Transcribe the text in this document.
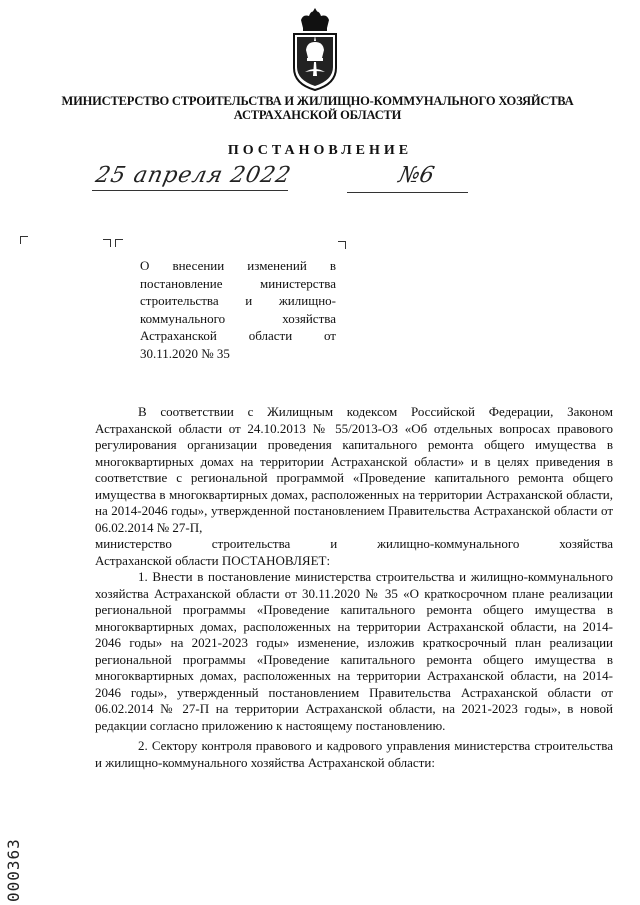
МИНИСТЕРСТВО СТРОИТЕЛЬСТВА И ЖИЛИЩНО-КОММУНАЛЬНОГО ХОЗЯЙСТВА
АСТРАХАНСКОЙ ОБЛАСТИ
ПОСТАНОВЛЕНИЕ
25 апреля 2022	№6
О внесении изменений в постановление министерства строительства и жилищно-коммунального хозяйства Астраханской области от 30.11.2020 № 35

В соответствии с Жилищным кодексом Российской Федерации, Законом Астраханской области от 24.10.2013 № 55/2013-ОЗ «Об отдельных вопросах правового регулирования организации проведения капитального ремонта общего имущества в многоквартирных домах на территории Астраханской области» и в целях приведения в соответствие с региональной программой «Проведение капитального ремонта общего имущества в многоквартирных домах, расположенных на территории Астраханской области, на 2014-2046 годы», утвержденной постановлением Правительства Астраханской области от 06.02.2014 № 27-П,

министерство строительства и жилищно-коммунального хозяйства

Астраханской области ПОСТАНОВЛЯЕТ:

1. Внести в постановление министерства строительства и жилищно-коммунального хозяйства Астраханской области от 30.11.2020 № 35 «О краткосрочном плане реализации региональной программы «Проведение капитального ремонта общего имущества в многоквартирных домах, расположенных на территории Астраханской области, на 2014-2046 годы» на 2021-2023 годы» изменение, изложив краткосрочный план реализации региональной программы «Проведение капитального ремонта общего имущества в многоквартирных домах, расположенных на территории Астраханской области, на 2014-2046 годы», утвержденный постановлением Правительства Астраханской области от 06.02.2014 № 27-П на территории Астраханской области, на 2021-2023 годы», в новой редакции согласно приложению к настоящему постановлению.

2. Сектору контроля правового и кадрового управления министерства строительства и жилищно-коммунального хозяйства Астраханской области:

000363
